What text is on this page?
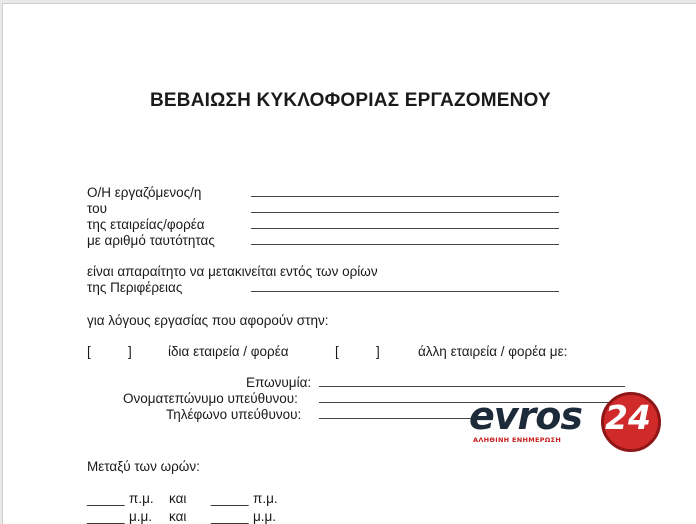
ΒΕΒΑΙΩΣΗ ΚΥΚΛΟΦΟΡΙΑΣ ΕΡΓΑΖΟΜΕΝΟΥ
Ο/Η εργαζόμενος/η
του
της εταιρείας/φορέα
με αριθμό ταυτότητας
είναι απαραίτητο να μετακινείται εντός των ορίων
της Περιφέρειας
για λόγους εργασίας που αφορούν στην:
[	]	ίδια εταιρεία / φορέα	[	]	άλλη εταιρεία / φορέα με:
Επωνυμία:
Ονοματεπώνυμο υπεύθυνου:
Τηλέφωνο υπεύθυνου:
Μεταξύ των ωρών:
_____ π.μ. και _____ π.μ.
_____ μ.μ. και _____ μ.μ.
evros 24
ΑΛΗΘΙΝΗ ΕΝΗΜΕΡΩΣΗ
